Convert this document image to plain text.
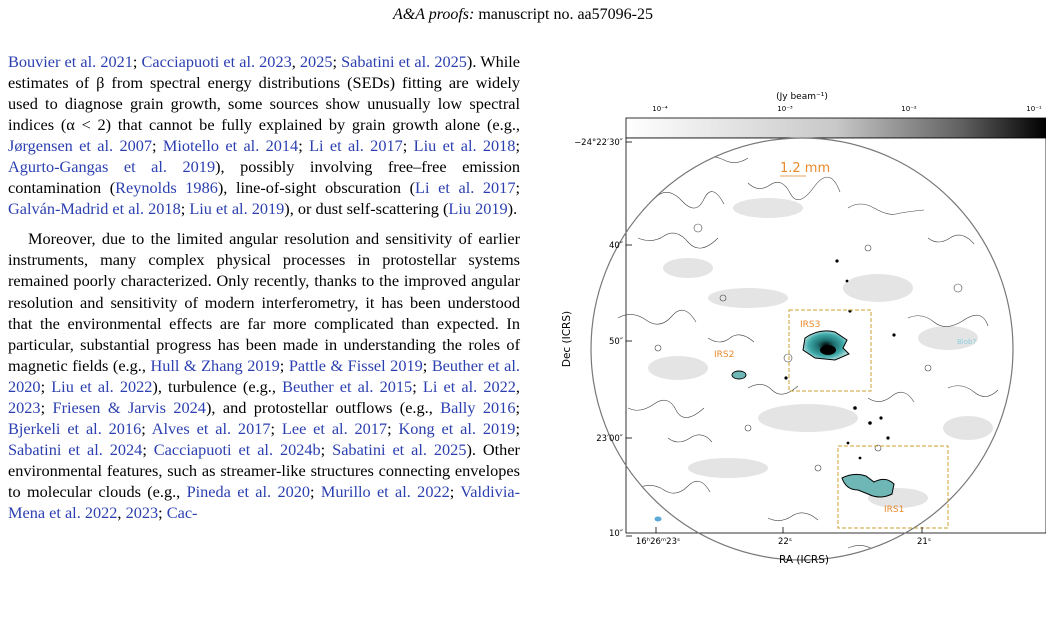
A&A proofs: manuscript no. aa57096-25

Bouvier et al. 2021; Cacciapuoti et al. 2023, 2025; Sabatini et al. 2025). While estimates of β from spectral energy distributions (SEDs) fitting are widely used to diagnose grain growth, some sources show unusually low spectral indices (α < 2) that cannot be fully explained by grain growth alone (e.g., Jørgensen et al. 2007; Miotello et al. 2014; Li et al. 2017; Liu et al. 2018; Agurto-Gangas et al. 2019), possibly involving free–free emission contamination (Reynolds 1986), line-of-sight obscuration (Li et al. 2017; Galván-Madrid et al. 2018; Liu et al. 2019), or dust self-scattering (Liu 2019).

Moreover, due to the limited angular resolution and sensitivity of earlier instruments, many complex physical processes in protostellar systems remained poorly characterized. Only recently, thanks to the improved angular resolution and sensitivity of modern interferometry, it has been understood that the environmental effects are far more complicated than expected. In particular, substantial progress has been made in understanding the roles of magnetic fields (e.g., Hull & Zhang 2019; Pattle & Fissel 2019; Beuther et al. 2020; Liu et al. 2022), turbulence (e.g., Beuther et al. 2015; Li et al. 2022, 2023; Friesen & Jarvis 2024), and protostellar outflows (e.g., Bally 2016; Bjerkeli et al. 2016; Alves et al. 2017; Lee et al. 2017; Kong et al. 2019; Sabatini et al. 2024; Cacciapuoti et al. 2024b; Sabatini et al. 2025). Other environmental features, such as streamer-like structures connecting envelopes to molecular clouds (e.g., Pineda et al. 2020; Murillo et al. 2022; Valdivia-Mena et al. 2022, 2023; Cac-

(Jy beam⁻¹)
10⁻⁴	10⁻³	10⁻²	10⁻¹
1.2 mm
IRS3
IRS2
IRS1
Blob?
−24°22′30″
40″
50″
23′00″
10″
16ʰ26ᵐ23ˢ	22ˢ	21ˢ
RA (ICRS)
Dec (ICRS)
